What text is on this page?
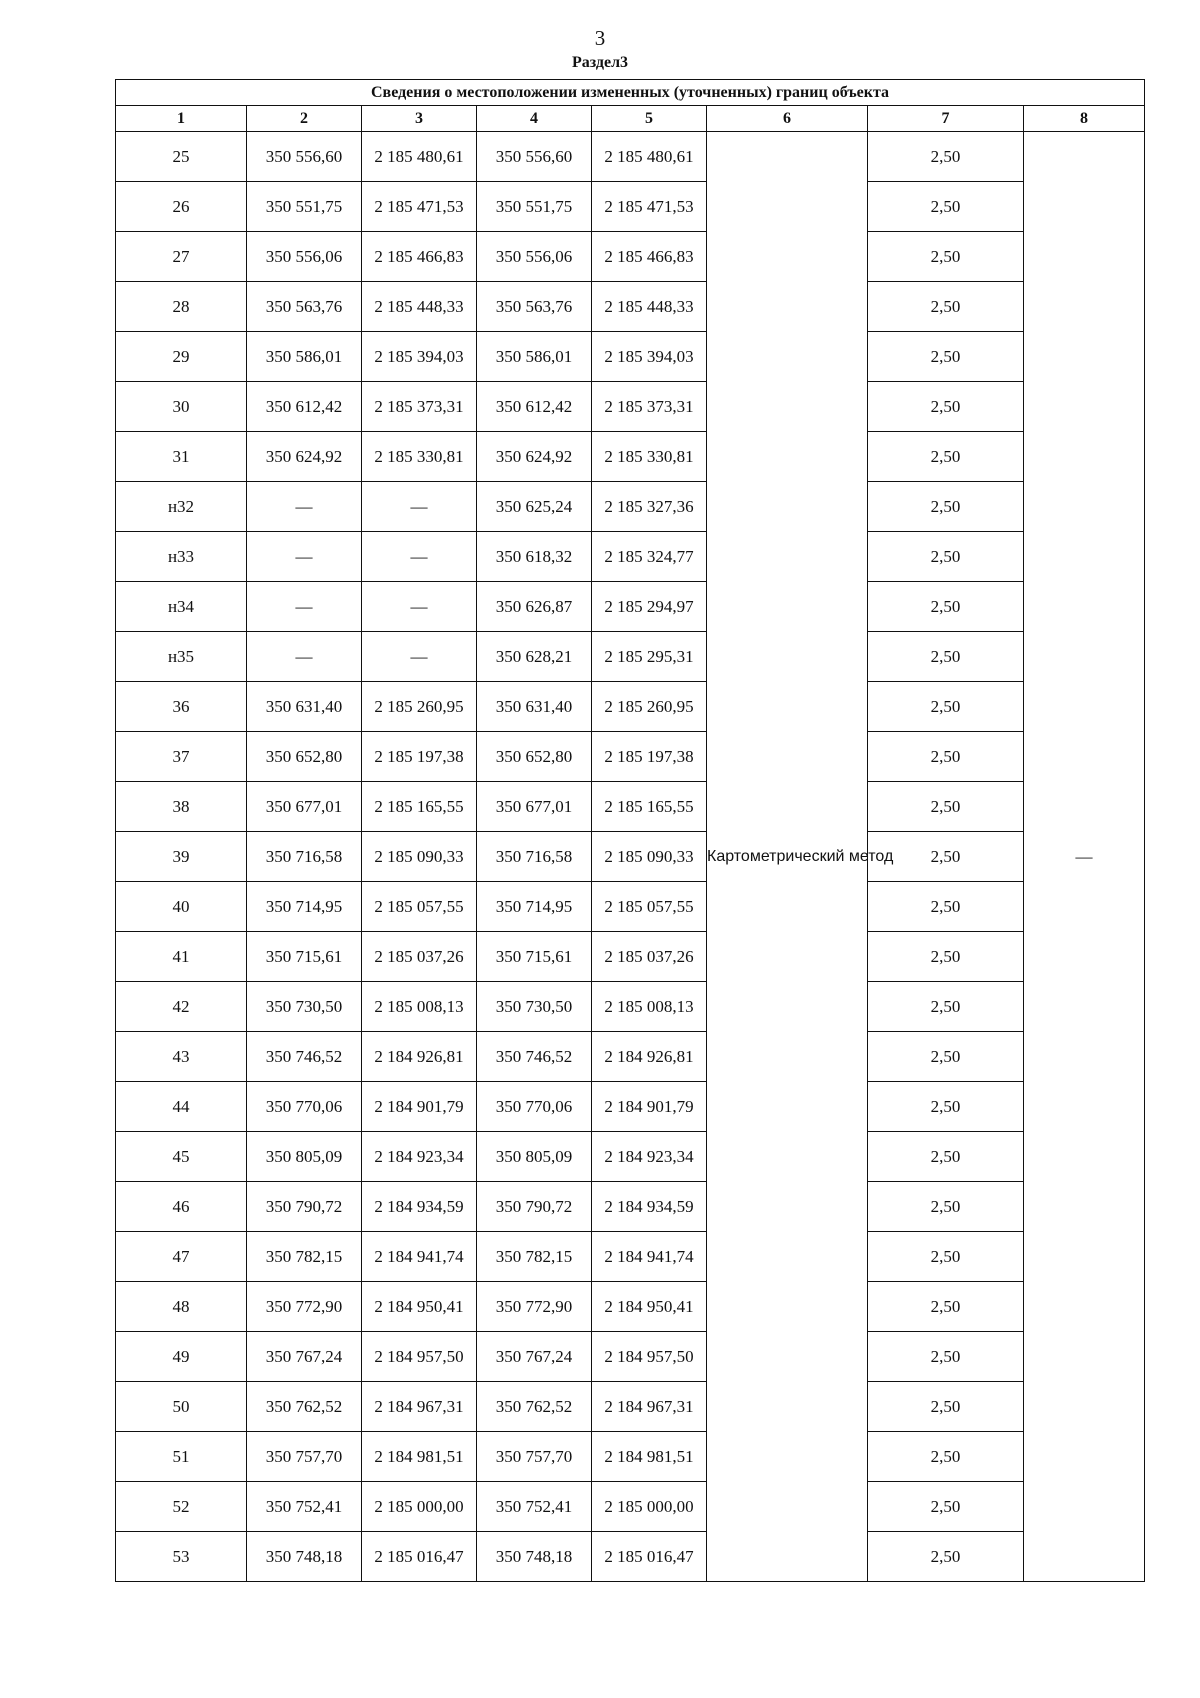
3
Раздел3
Сведения о местоположении измененных (уточненных) границ объекта							
1	2	3	4	5	6	7	8
25	350 556,60	2 185 480,61	350 556,60	2 185 480,61	Картометрический метод	2,50	—
26	350 551,75	2 185 471,53	350 551,75	2 185 471,53		2,50	
27	350 556,06	2 185 466,83	350 556,06	2 185 466,83		2,50	
28	350 563,76	2 185 448,33	350 563,76	2 185 448,33		2,50	
29	350 586,01	2 185 394,03	350 586,01	2 185 394,03		2,50	
30	350 612,42	2 185 373,31	350 612,42	2 185 373,31		2,50	
31	350 624,92	2 185 330,81	350 624,92	2 185 330,81		2,50	
н32	—	—	350 625,24	2 185 327,36		2,50	
н33	—	—	350 618,32	2 185 324,77		2,50	
н34	—	—	350 626,87	2 185 294,97		2,50	
н35	—	—	350 628,21	2 185 295,31		2,50	
36	350 631,40	2 185 260,95	350 631,40	2 185 260,95		2,50	
37	350 652,80	2 185 197,38	350 652,80	2 185 197,38		2,50	
38	350 677,01	2 185 165,55	350 677,01	2 185 165,55		2,50	
39	350 716,58	2 185 090,33	350 716,58	2 185 090,33		2,50	
40	350 714,95	2 185 057,55	350 714,95	2 185 057,55		2,50	
41	350 715,61	2 185 037,26	350 715,61	2 185 037,26		2,50	
42	350 730,50	2 185 008,13	350 730,50	2 185 008,13		2,50	
43	350 746,52	2 184 926,81	350 746,52	2 184 926,81		2,50	
44	350 770,06	2 184 901,79	350 770,06	2 184 901,79		2,50	
45	350 805,09	2 184 923,34	350 805,09	2 184 923,34		2,50	
46	350 790,72	2 184 934,59	350 790,72	2 184 934,59		2,50	
47	350 782,15	2 184 941,74	350 782,15	2 184 941,74		2,50	
48	350 772,90	2 184 950,41	350 772,90	2 184 950,41		2,50	
49	350 767,24	2 184 957,50	350 767,24	2 184 957,50		2,50	
50	350 762,52	2 184 967,31	350 762,52	2 184 967,31		2,50	
51	350 757,70	2 184 981,51	350 757,70	2 184 981,51		2,50	
52	350 752,41	2 185 000,00	350 752,41	2 185 000,00		2,50	
53	350 748,18	2 185 016,47	350 748,18	2 185 016,47		2,50	
